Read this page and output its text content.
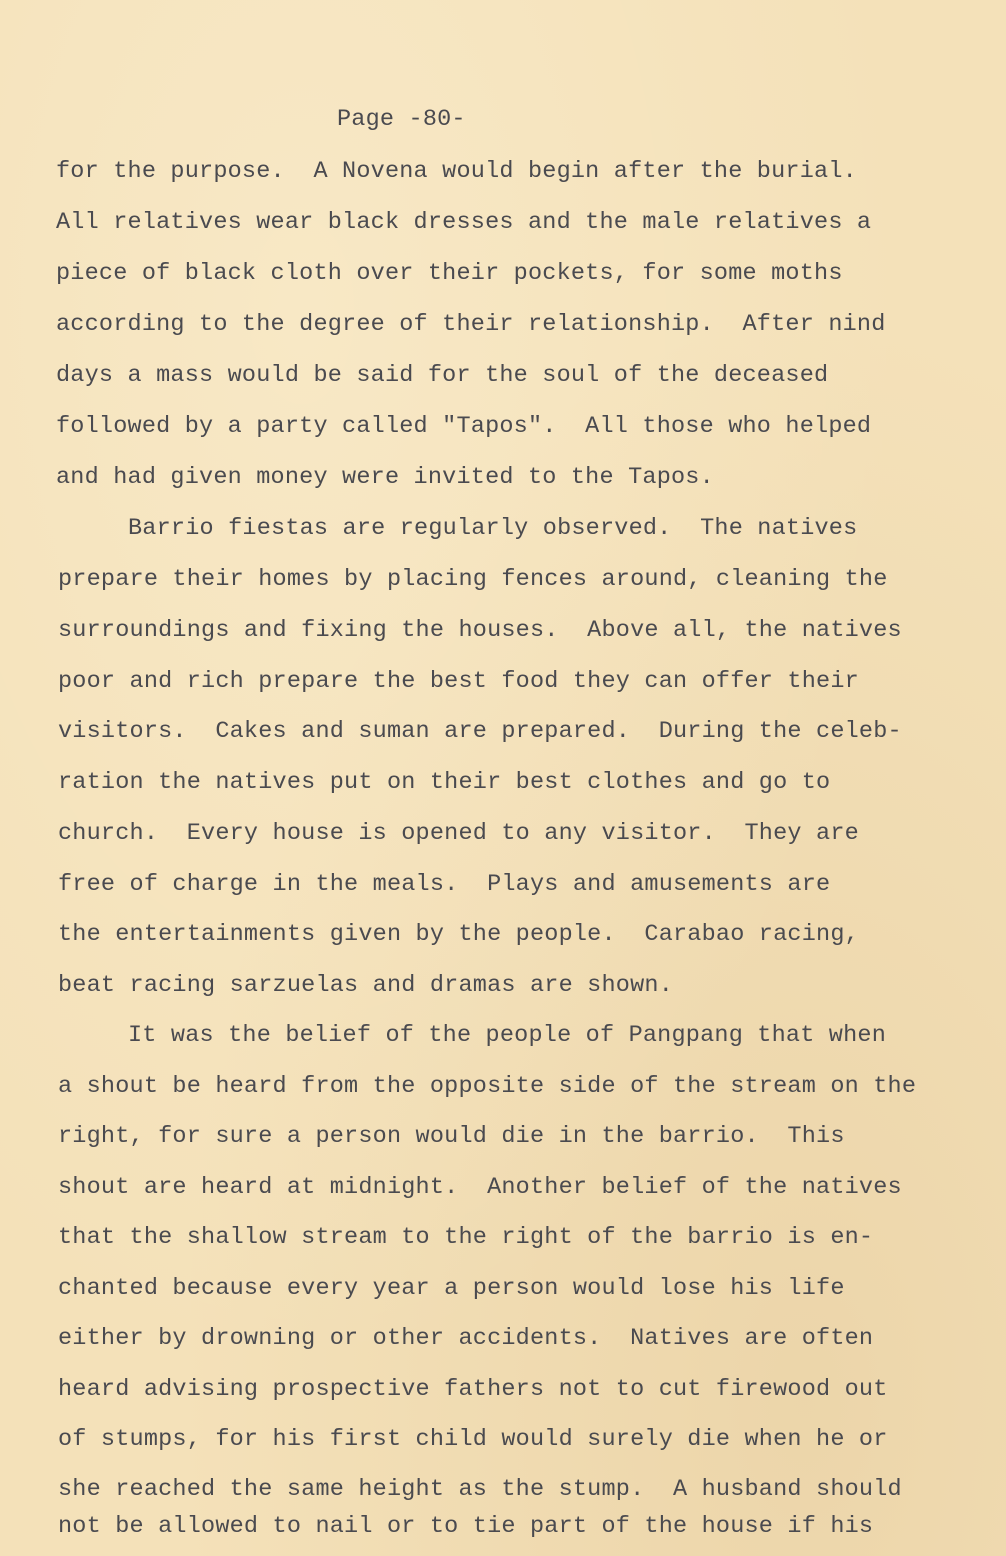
Page -80-

for the purpose.  A Novena would begin after the burial.

All relatives wear black dresses and the male relatives a

piece of black cloth over their pockets, for some moths

according to the degree of their relationship.  After nind

days a mass would be said for the soul of the deceased

followed by a party called "Tapos".  All those who helped

and had given money were invited to the Tapos.

Barrio fiestas are regularly observed.  The natives

prepare their homes by placing fences around, cleaning the

surroundings and fixing the houses.  Above all, the natives

poor and rich prepare the best food they can offer their

visitors.  Cakes and suman are prepared.  During the celeb-

ration the natives put on their best clothes and go to

church.  Every house is opened to any visitor.  They are

free of charge in the meals.  Plays and amusements are

the entertainments given by the people.  Carabao racing,

beat racing sarzuelas and dramas are shown.

It was the belief of the people of Pangpang that when

a shout be heard from the opposite side of the stream on the

right, for sure a person would die in the barrio.  This

shout are heard at midnight.  Another belief of the natives

that the shallow stream to the right of the barrio is en-

chanted because every year a person would lose his life

either by drowning or other accidents.  Natives are often

heard advising prospective fathers not to cut firewood out

of stumps, for his first child would surely die when he or

she reached the same height as the stump.  A husband should

not be allowed to nail or to tie part of the house if his
